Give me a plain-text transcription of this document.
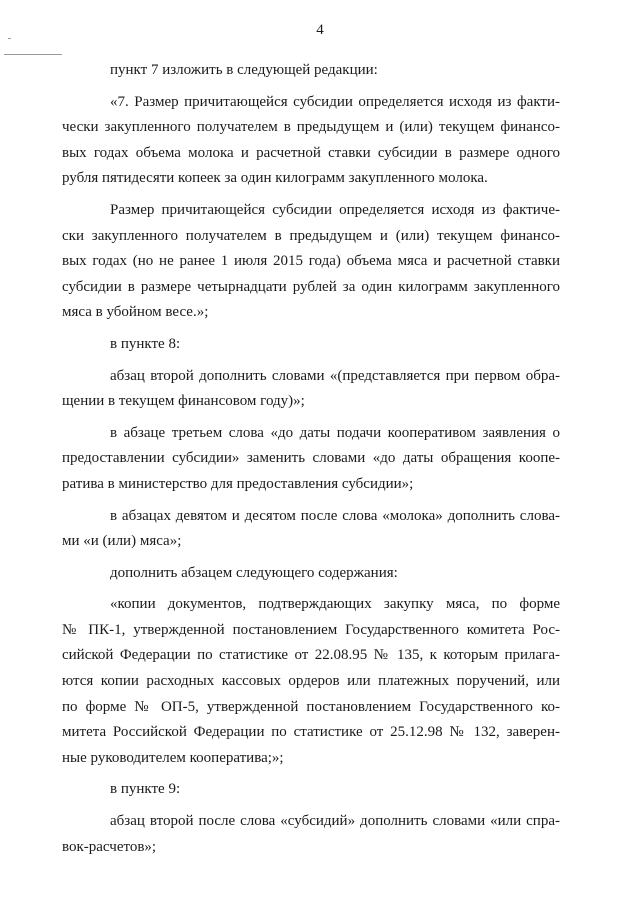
4
пункт 7 изложить в следующей редакции:
«7. Размер причитающейся субсидии определяется исходя из факти-
чески закупленного получателем в предыдущем и (или) текущем финансо-
вых годах объема молока и расчетной ставки субсидии в размере одного
рубля пятидесяти копеек за один килограмм закупленного молока.
Размер причитающейся субсидии определяется исходя из фактиче-
ски закупленного получателем в предыдущем и (или) текущем финансо-
вых годах (но не ранее 1 июля 2015 года) объема мяса и расчетной ставки
субсидии в размере четырнадцати рублей за один килограмм закупленного
мяса в убойном весе.»;
в пункте 8:
абзац второй дополнить словами «(представляется при первом обра-
щении в текущем финансовом году)»;
в абзаце третьем слова «до даты подачи кооперативом заявления о
предоставлении субсидии» заменить словами «до даты обращения коопе-
ратива в министерство для предоставления субсидии»;
в абзацах девятом и десятом после слова «молока» дополнить слова-
ми «и (или) мяса»;
дополнить абзацем следующего содержания:
«копии документов, подтверждающих закупку мяса, по форме
№ ПК-1, утвержденной постановлением Государственного комитета Рос-
сийской Федерации по статистике от 22.08.95 № 135, к которым прилага-
ются копии расходных кассовых ордеров или платежных поручений, или
по форме № ОП-5, утвержденной постановлением Государственного ко-
митета Российской Федерации по статистике от 25.12.98 № 132, заверен-
ные руководителем кооператива;»;
в пункте 9:
абзац второй после слова «субсидий» дополнить словами «или спра-
вок-расчетов»;
